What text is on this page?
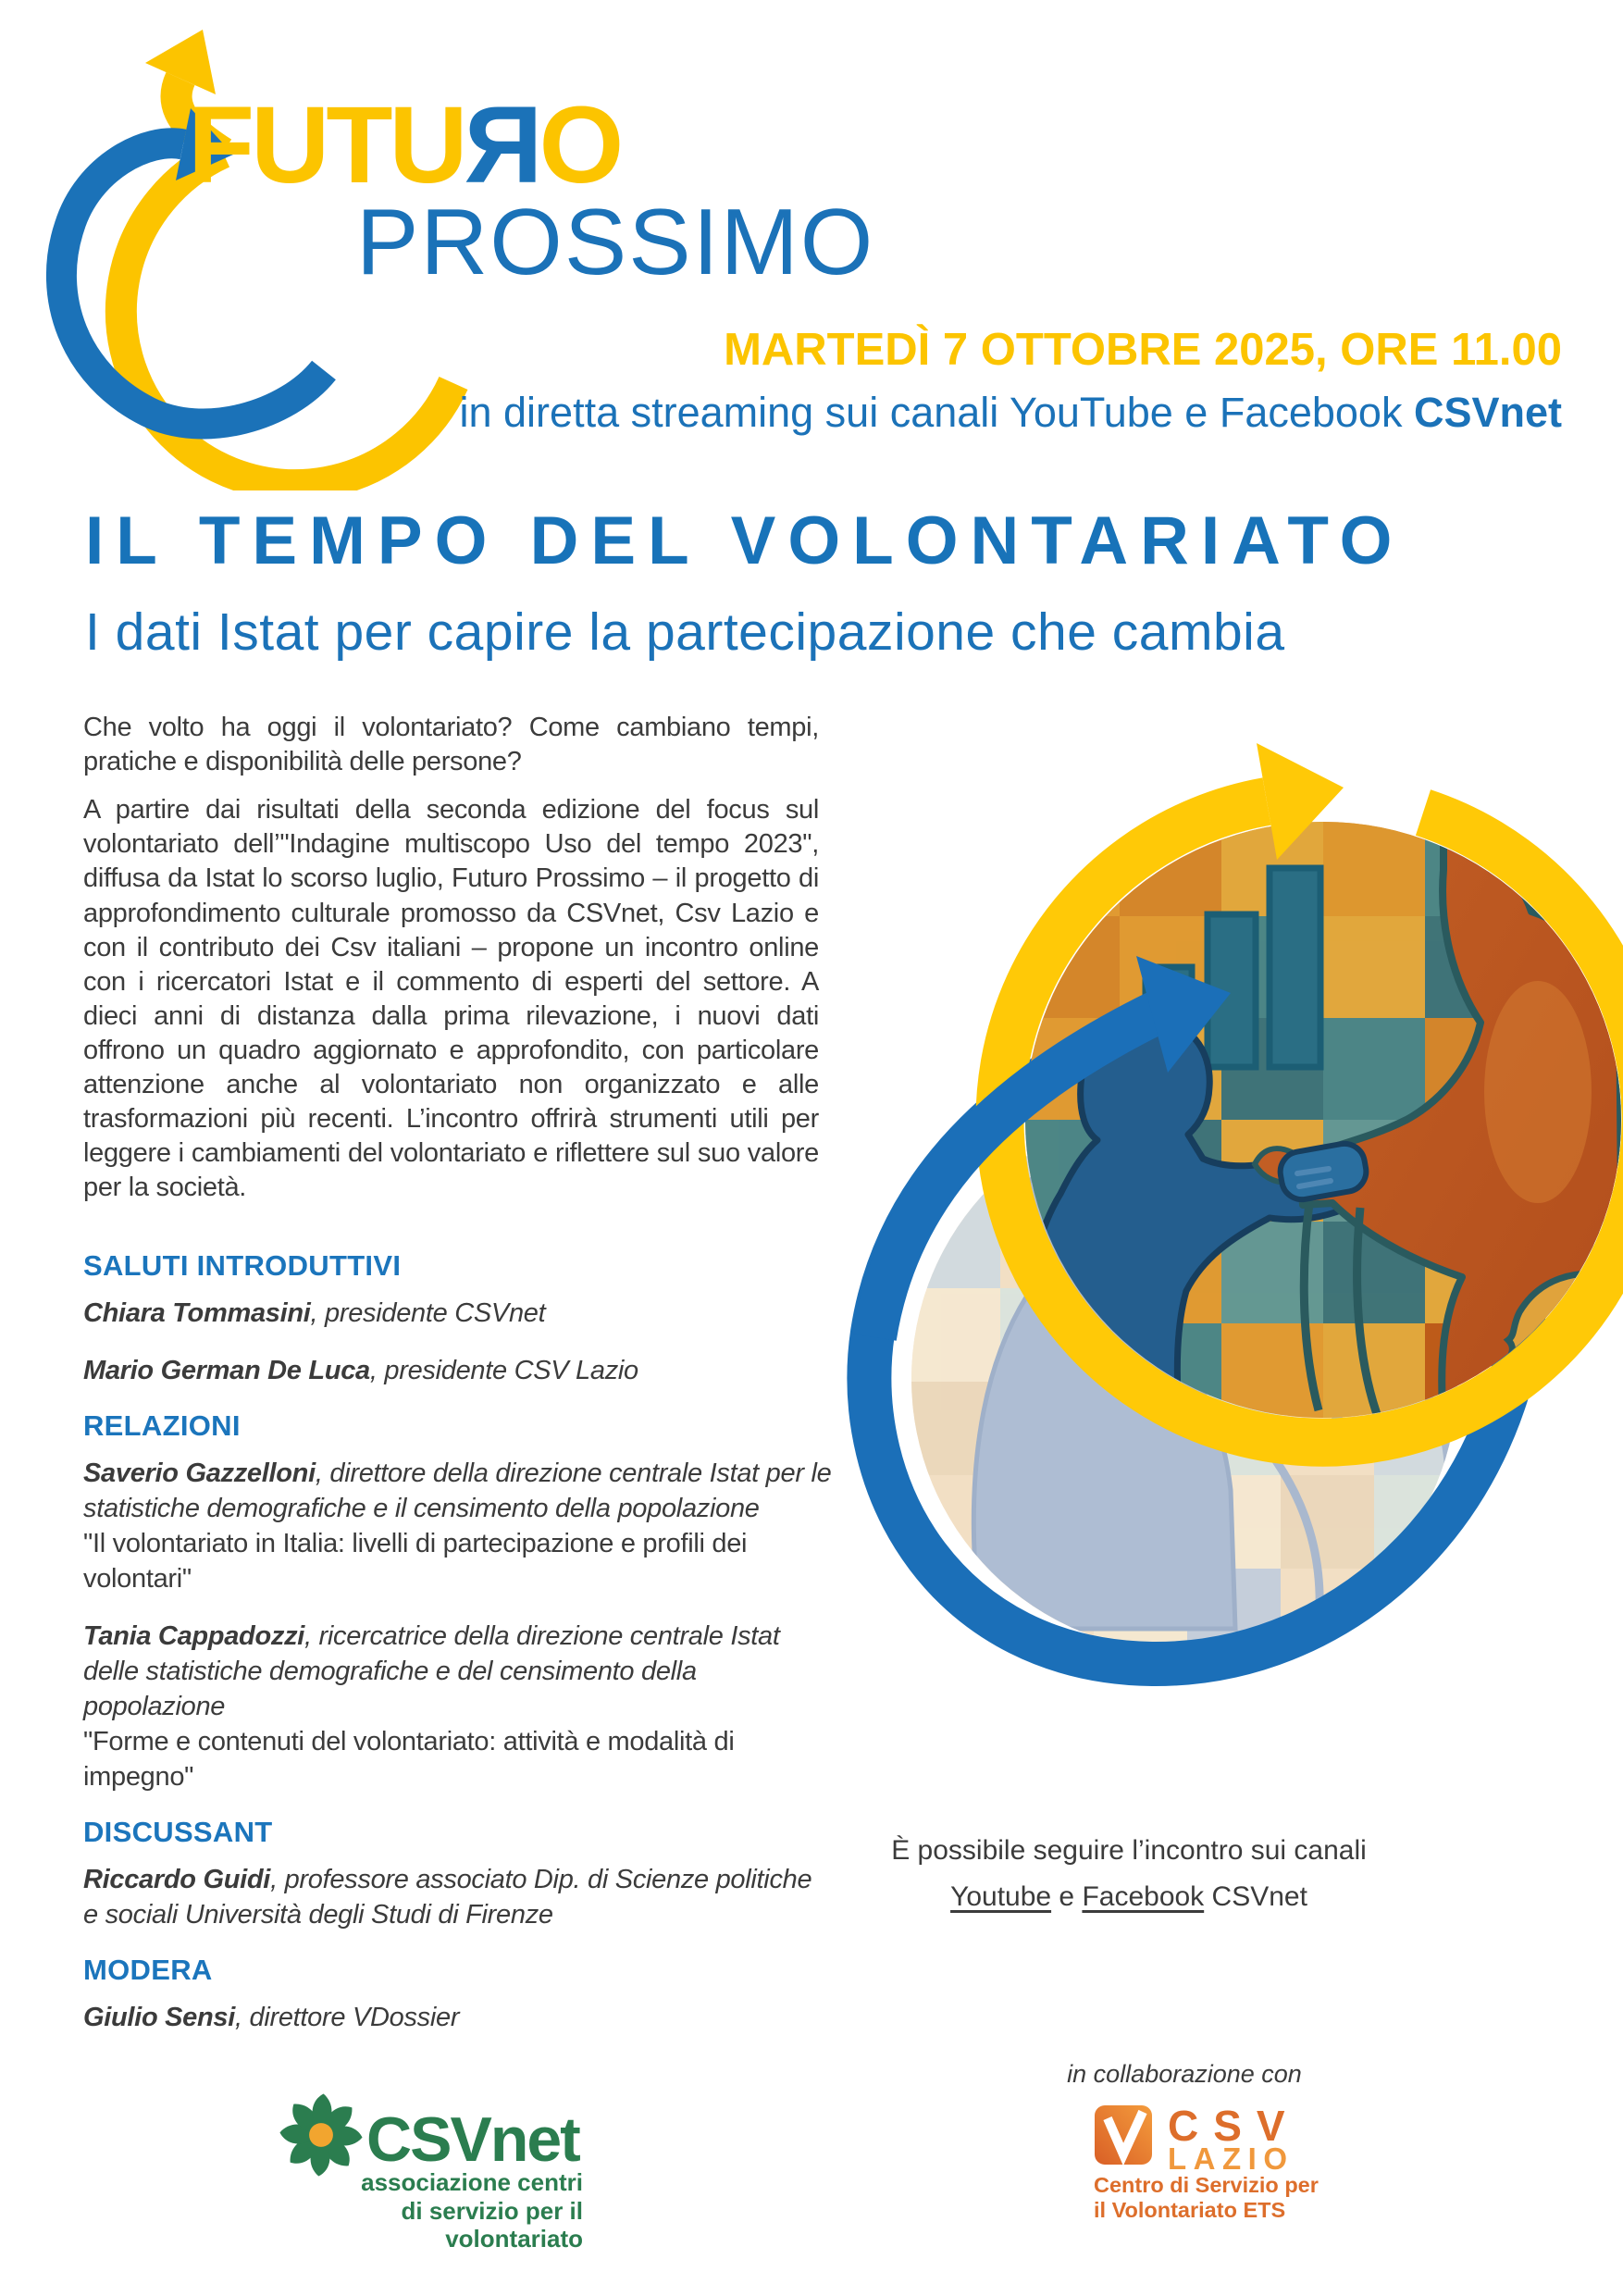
FUTUЯO
PROSSIMO
MARTEDÌ 7 OTTOBRE 2025, ORE 11.00
in diretta streaming sui canali YouTube e Facebook CSVnet
IL TEMPO DEL VOLONTARIATO
I dati Istat per capire la partecipazione che cambia

Che volto ha oggi il volontariato? Come cambiano tempi, pratiche e disponibilità delle persone?

A partire dai risultati della seconda edizione del focus sul volontariato dell’"Indagine multiscopo Uso del tempo 2023", diffusa da Istat lo scorso luglio, Futuro Prossimo – il progetto di approfondimento culturale promosso da CSVnet, Csv Lazio e con il contributo dei Csv italiani – propone un incontro online con i ricercatori Istat e il commento di esperti del settore. A dieci anni di distanza dalla prima rilevazione, i nuovi dati offrono un quadro aggiornato e approfondito, con particolare attenzione anche al volontariato non organizzato e alle trasformazioni più recenti. L’incontro offrirà strumenti utili per leggere i cambiamenti del volontariato e riflettere sul suo valore per la società.

SALUTI INTRODUTTIVI
Chiara Tommasini, presidente CSVnet
Mario German De Luca, presidente CSV Lazio
RELAZIONI
Saverio Gazzelloni, direttore della direzione centrale Istat per le statistiche demografiche e il censimento della popolazione
"Il volontariato in Italia: livelli di partecipazione e profili dei volontari"
Tania Cappadozzi, ricercatrice della direzione centrale Istat delle statistiche demografiche e del censimento della popolazione
"Forme e contenuti del volontariato: attività e modalità di impegno"
DISCUSSANT
Riccardo Guidi, professore associato Dip. di Scienze politiche e sociali Università degli Studi di Firenze
MODERA
Giulio Sensi, direttore VDossier
È possibile seguire l’incontro sui canali
Youtube e Facebook CSVnet
in collaborazione con
CSVnet
associazione centri
di servizio per il volontariato
CSV
LAZIO
Centro di Servizio per
il Volontariato ETS
